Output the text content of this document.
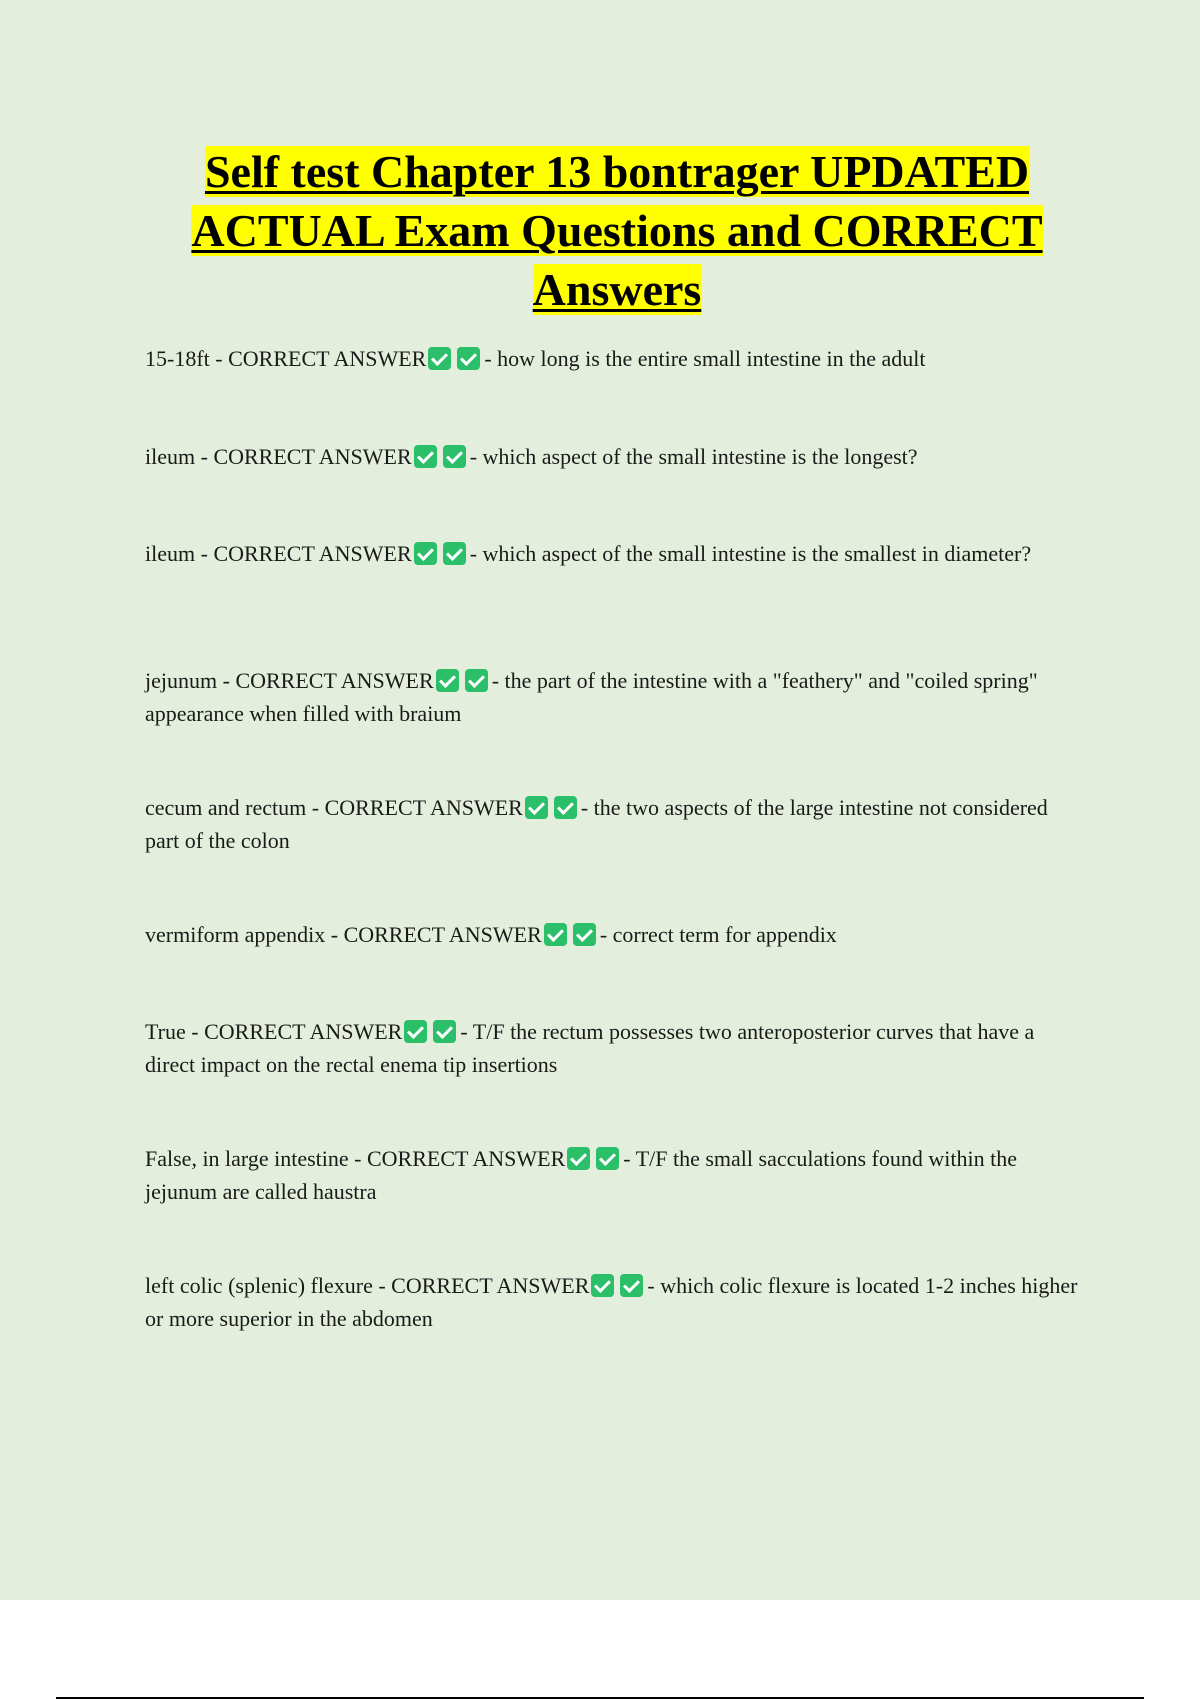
Self test Chapter 13 bontrager UPDATED ACTUAL Exam Questions and CORRECT Answers
15-18ft - CORRECT ANSWER	- how long is the entire small intestine in the adult
ileum - CORRECT ANSWER	- which aspect of the small intestine is the longest?
ileum - CORRECT ANSWER	- which aspect of the small intestine is the smallest in diameter?
jejunum - CORRECT ANSWER	- the part of the intestine with a "feathery" and "coiled spring" appearance when filled with braium
cecum and rectum - CORRECT ANSWER	- the two aspects of the large intestine not considered part of the colon
vermiform appendix - CORRECT ANSWER	- correct term for appendix
True - CORRECT ANSWER	- T/F the rectum possesses two anteroposterior curves that have a direct impact on the rectal enema tip insertions
False, in large intestine - CORRECT ANSWER	- T/F the small sacculations found within the jejunum are called haustra
left colic (splenic) flexure - CORRECT ANSWER	- which colic flexure is located 1-2 inches higher or more superior in the abdomen
